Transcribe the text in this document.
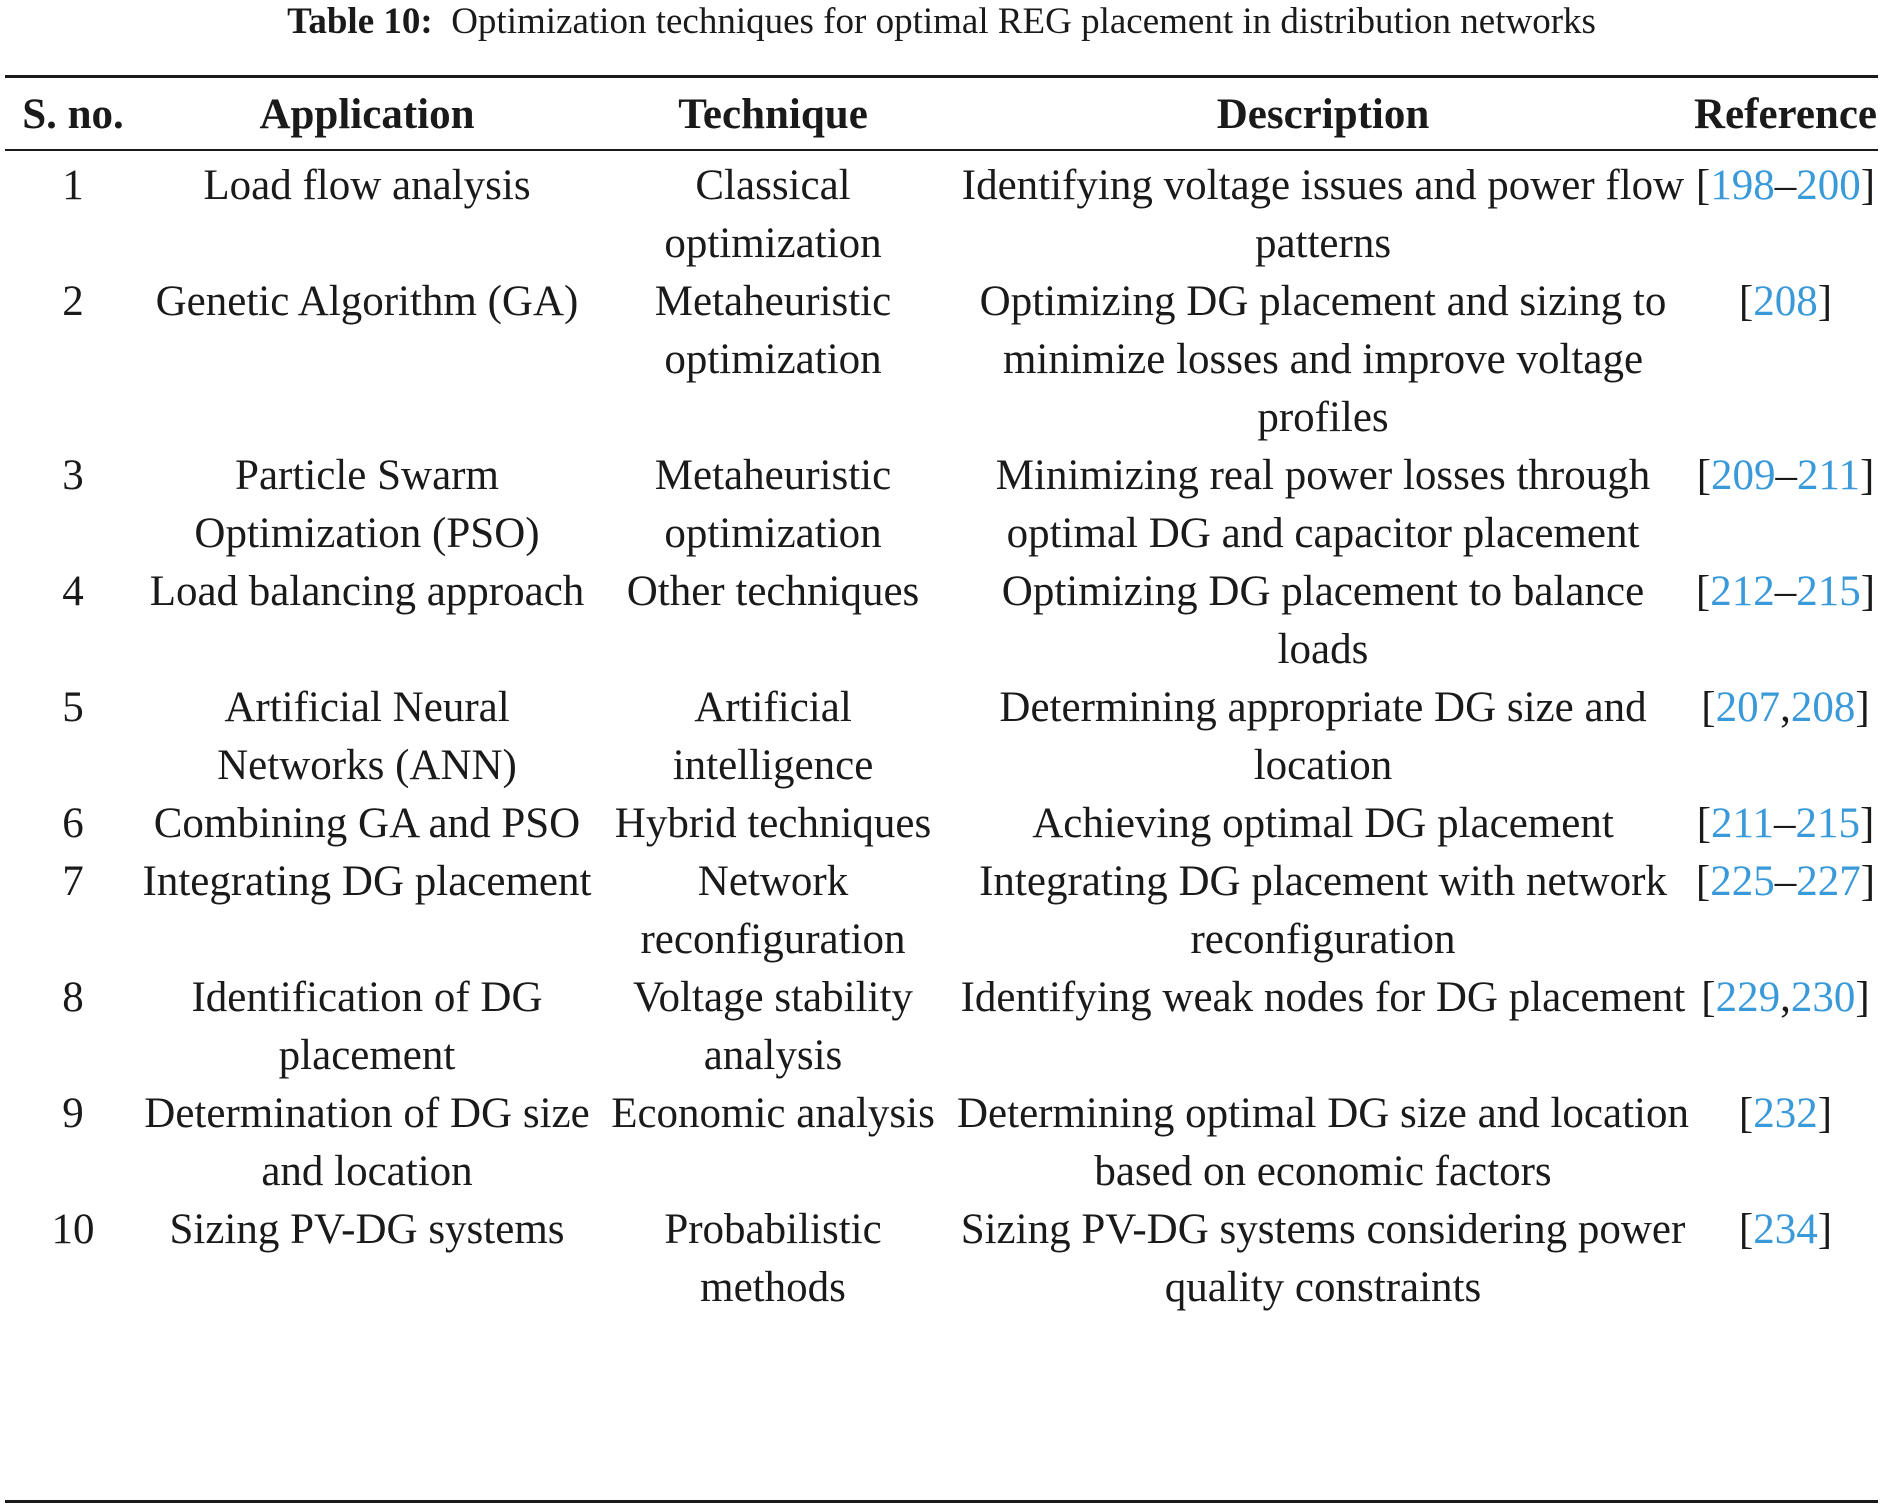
Table 10: Optimization techniques for optimal REG placement in distribution networks
S. no.	Application	Technique	Description	Reference
1	Load flow analysis	Classical optimization	Identifying voltage issues and power flow patterns	[198–200]
2	Genetic Algorithm (GA)	Metaheuristic optimization	Optimizing DG placement and sizing to minimize losses and improve voltage profiles	[208]
3	Particle Swarm Optimization (PSO)	Metaheuristic optimization	Minimizing real power losses through optimal DG and capacitor placement	[209–211]
4	Load balancing approach	Other techniques	Optimizing DG placement to balance loads	[212–215]
5	Artificial Neural Networks (ANN)	Artificial intelligence	Determining appropriate DG size and location	[207,208]
6	Combining GA and PSO	Hybrid techniques	Achieving optimal DG placement	[211–215]
7	Integrating DG placement	Network reconfiguration	Integrating DG placement with network reconfiguration	[225–227]
8	Identification of DG placement	Voltage stability analysis	Identifying weak nodes for DG placement	[229,230]
9	Determination of DG size and location	Economic analysis	Determining optimal DG size and location based on economic factors	[232]
10	Sizing PV-DG systems	Probabilistic methods	Sizing PV-DG systems considering power quality constraints	[234]
